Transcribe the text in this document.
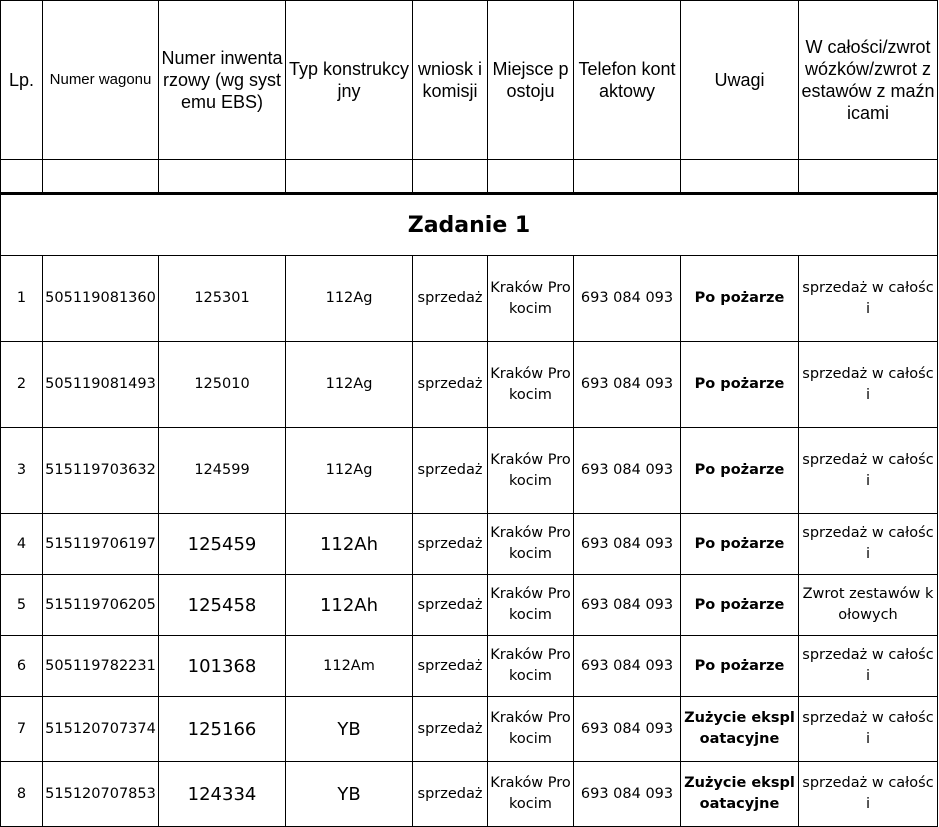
Lp.	Numer wagonu	Numer inwentarzowy (wg systemu EBS)	Typ konstrukcyjny	wniosk i komisji	Miejsce postoju	Telefon kontaktowy	Uwagi	W całości/zwrot wózków/zwrot zestawów z maźnicami

Zadanie 1								
1	505119081360	125301	112Ag	sprzedaż	Kraków Prokocim	693 084 093	Po pożarze	sprzedaż w całości
2	505119081493	125010	112Ag	sprzedaż	Kraków Prokocim	693 084 093	Po pożarze	sprzedaż w całości
3	515119703632	124599	112Ag	sprzedaż	Kraków Prokocim	693 084 093	Po pożarze	sprzedaż w całości
4	515119706197	125459	112Ah	sprzedaż	Kraków Prokocim	693 084 093	Po pożarze	sprzedaż w całości
5	515119706205	125458	112Ah	sprzedaż	Kraków Prokocim	693 084 093	Po pożarze	Zwrot zestawów kołowych
6	505119782231	101368	112Am	sprzedaż	Kraków Prokocim	693 084 093	Po pożarze	sprzedaż w całości
7	515120707374	125166	YB	sprzedaż	Kraków Prokocim	693 084 093	Zużycie eksploatacyjne	sprzedaż w całości
8	515120707853	124334	YB	sprzedaż	Kraków Prokocim	693 084 093	Zużycie eksploatacyjne	sprzedaż w całości
